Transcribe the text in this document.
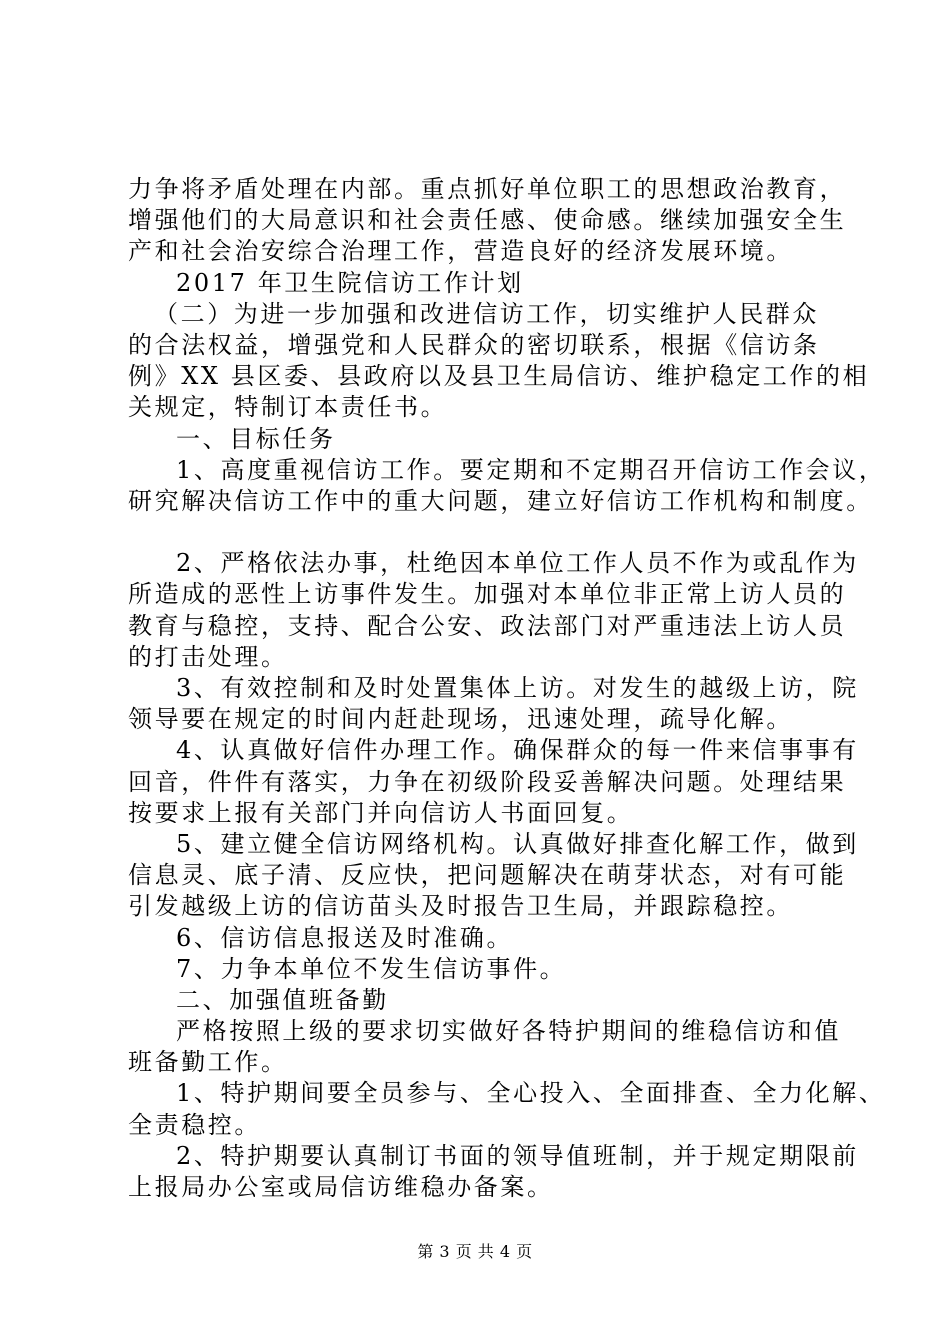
力争将矛盾处理在内部。重点抓好单位职工的思想政治教育，
增强他们的大局意识和社会责任感、使命感。继续加强安全生
产和社会治安综合治理工作，营造良好的经济发展环境。
2017 年卫生院信访工作计划
（二）为进一步加强和改进信访工作，切实维护人民群众
的合法权益，增强党和人民群众的密切联系，根据《信访条
例》XX 县区委、县政府以及县卫生局信访、维护稳定工作的相
关规定，特制订本责任书。
一、目标任务
1、高度重视信访工作。要定期和不定期召开信访工作会议，
研究解决信访工作中的重大问题，建立好信访工作机构和制度。
2、严格依法办事，杜绝因本单位工作人员不作为或乱作为
所造成的恶性上访事件发生。加强对本单位非正常上访人员的
教育与稳控，支持、配合公安、政法部门对严重违法上访人员
的打击处理。
3、有效控制和及时处置集体上访。对发生的越级上访，院
领导要在规定的时间内赶赴现场，迅速处理，疏导化解。
4、认真做好信件办理工作。确保群众的每一件来信事事有
回音，件件有落实，力争在初级阶段妥善解决问题。处理结果
按要求上报有关部门并向信访人书面回复。
5、建立健全信访网络机构。认真做好排查化解工作，做到
信息灵、底子清、反应快，把问题解决在萌芽状态，对有可能
引发越级上访的信访苗头及时报告卫生局，并跟踪稳控。
6、信访信息报送及时准确。
7、力争本单位不发生信访事件。
二、加强值班备勤
严格按照上级的要求切实做好各特护期间的维稳信访和值
班备勤工作。
1、特护期间要全员参与、全心投入、全面排查、全力化解、
全责稳控。
2、特护期要认真制订书面的领导值班制，并于规定期限前
上报局办公室或局信访维稳办备案。
第 3 页 共 4 页
